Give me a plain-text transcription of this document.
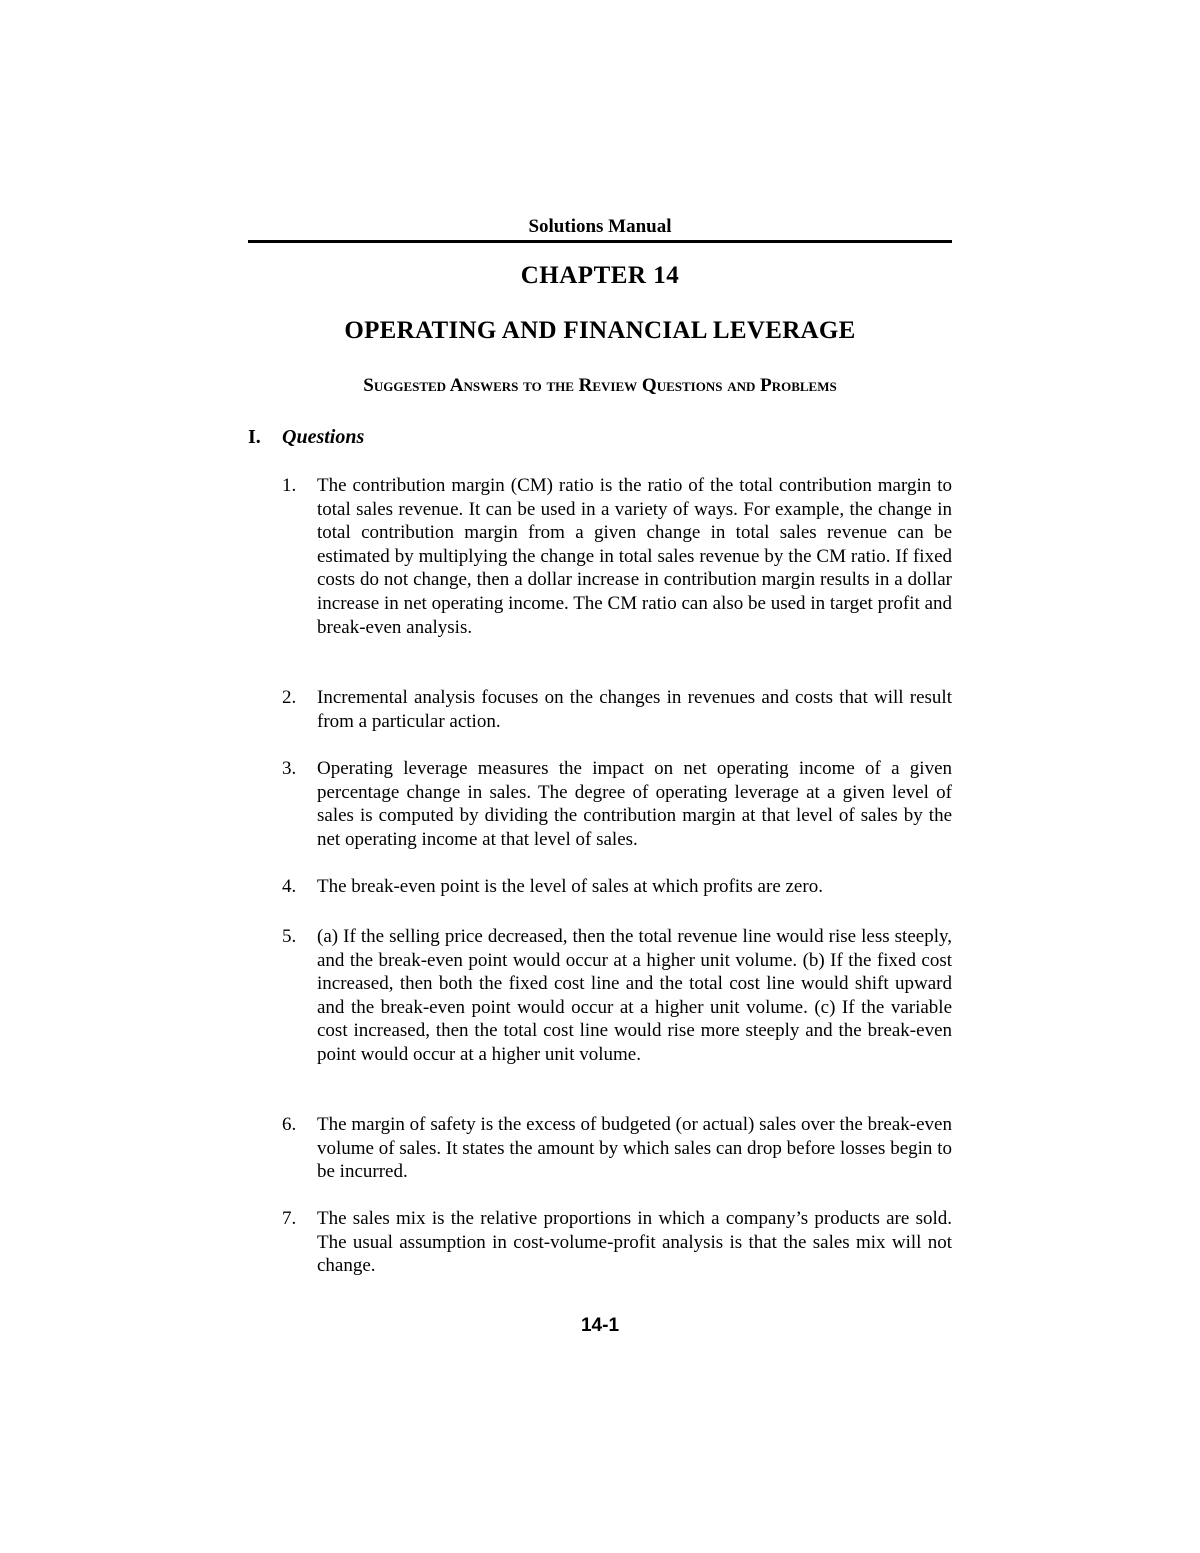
Solutions Manual
CHAPTER 14
OPERATING AND FINANCIAL LEVERAGE
Suggested Answers to the Review Questions and Problems
I. Questions
1.	The contribution margin (CM) ratio is the ratio of the total contribution margin to total sales revenue. It can be used in a variety of ways. For example, the change in total contribution margin from a given change in total sales revenue can be estimated by multiplying the change in total sales revenue by the CM ratio. If fixed costs do not change, then a dollar increase in contribution margin results in a dollar increase in net operating income. The CM ratio can also be used in target profit and break-even analysis.
2.	Incremental analysis focuses on the changes in revenues and costs that will result from a particular action.
3.	Operating leverage measures the impact on net operating income of a given percentage change in sales. The degree of operating leverage at a given level of sales is computed by dividing the contribution margin at that level of sales by the net operating income at that level of sales.
4.	The break-even point is the level of sales at which profits are zero.
5.	(a) If the selling price decreased, then the total revenue line would rise less steeply, and the break-even point would occur at a higher unit volume. (b) If the fixed cost increased, then both the fixed cost line and the total cost line would shift upward and the break-even point would occur at a higher unit volume. (c) If the variable cost increased, then the total cost line would rise more steeply and the break-even point would occur at a higher unit volume.
6.	The margin of safety is the excess of budgeted (or actual) sales over the break-even volume of sales. It states the amount by which sales can drop before losses begin to be incurred.
7.	The sales mix is the relative proportions in which a company’s products are sold. The usual assumption in cost-volume-profit analysis is that the sales mix will not change.
14-1
